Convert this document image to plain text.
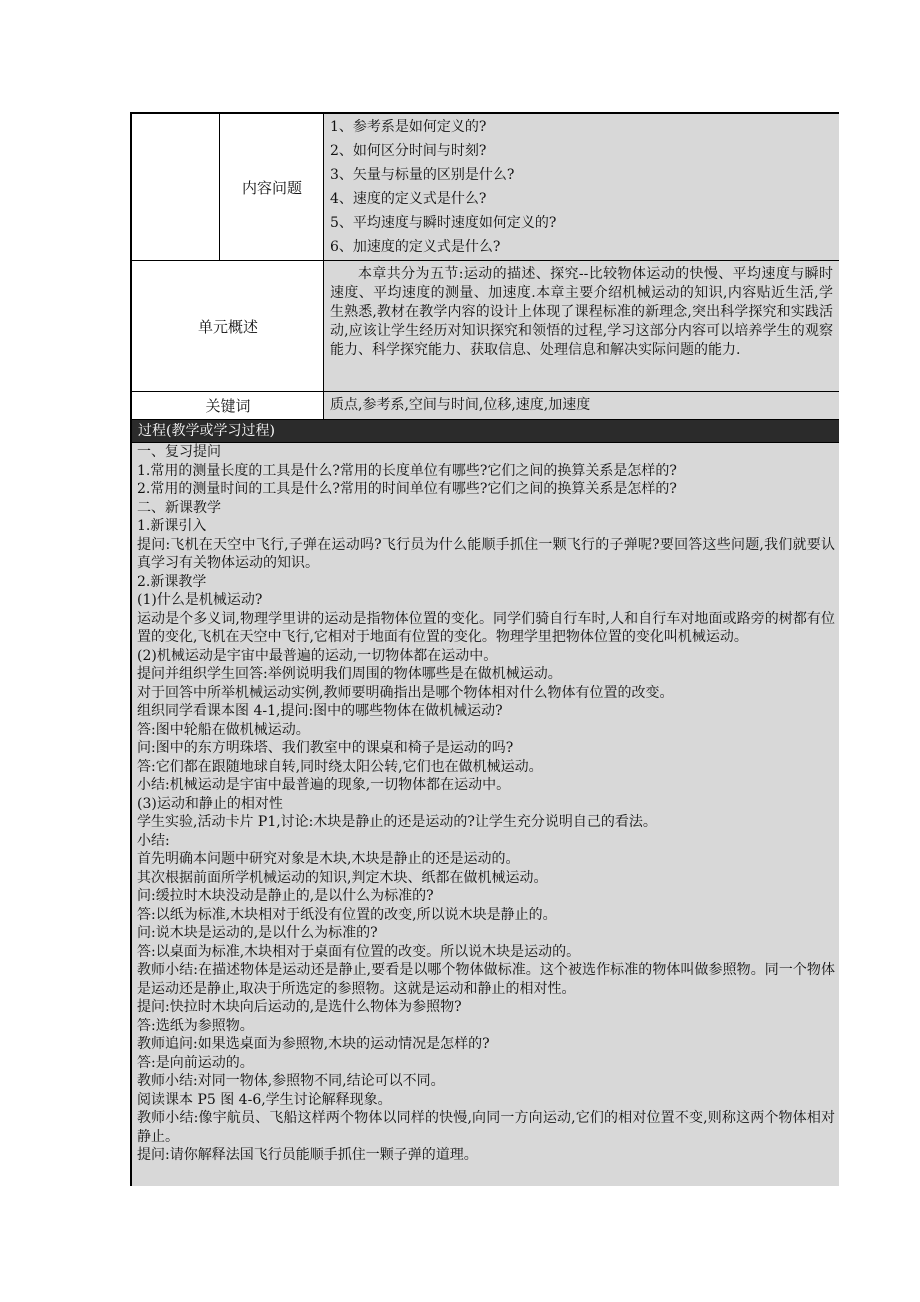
内容问题
1、参考系是如何定义的?
2、如何区分时间与时刻?
3、矢量与标量的区别是什么?
4、速度的定义式是什么?
5、平均速度与瞬时速度如何定义的?
6、加速度的定义式是什么?
单元概述
本章共分为五节:运动的描述、探究--比较物体运动的快慢、平均速度与瞬时速度、平均速度的测量、加速度.本章主要介绍机械运动的知识,内容贴近生活,学生熟悉,教材在教学内容的设计上体现了课程标准的新理念,突出科学探究和实践活动,应该让学生经历对知识探究和领悟的过程,学习这部分内容可以培养学生的观察能力、科学探究能力、获取信息、处理信息和解决实际问题的能力.
关键词	质点,参考系,空间与时间,位移,速度,加速度
过程(教学或学习过程)
一、复习提问
1.常用的测量长度的工具是什么?常用的长度单位有哪些?它们之间的换算关系是怎样的?
2.常用的测量时间的工具是什么?常用的时间单位有哪些?它们之间的换算关系是怎样的?
二、新课教学
1.新课引入
提问:飞机在天空中飞行,子弹在运动吗?飞行员为什么能顺手抓住一颗飞行的子弹呢?要回答这些问题,我们就要认真学习有关物体运动的知识。
2.新课教学
(1)什么是机械运动?
运动是个多义词,物理学里讲的运动是指物体位置的变化。同学们骑自行车时,人和自行车对地面或路旁的树都有位置的变化,飞机在天空中飞行,它相对于地面有位置的变化。物理学里把物体位置的变化叫机械运动。
(2)机械运动是宇宙中最普遍的运动,一切物体都在运动中。
提问并组织学生回答:举例说明我们周围的物体哪些是在做机械运动。
对于回答中所举机械运动实例,教师要明确指出是哪个物体相对什么物体有位置的改变。
组织同学看课本图 4-1,提问:图中的哪些物体在做机械运动?
答:图中轮船在做机械运动。
问:图中的东方明珠塔、我们教室中的课桌和椅子是运动的吗?
答:它们都在跟随地球自转,同时绕太阳公转,它们也在做机械运动。
小结:机械运动是宇宙中最普遍的现象,一切物体都在运动中。
(3)运动和静止的相对性
学生实验,活动卡片 P1,讨论:木块是静止的还是运动的?让学生充分说明自己的看法。
小结:
首先明确本问题中研究对象是木块,木块是静止的还是运动的。
其次根据前面所学机械运动的知识,判定木块、纸都在做机械运动。
问:缓拉时木块没动是静止的,是以什么为标准的?
答:以纸为标准,木块相对于纸没有位置的改变,所以说木块是静止的。
问:说木块是运动的,是以什么为标准的?
答:以桌面为标准,木块相对于桌面有位置的改变。所以说木块是运动的。
教师小结:在描述物体是运动还是静止,要看是以哪个物体做标准。这个被选作标准的物体叫做参照物。同一个物体是运动还是静止,取决于所选定的参照物。这就是运动和静止的相对性。
提问:快拉时木块向后运动的,是选什么物体为参照物?
答:选纸为参照物。
教师追问:如果选桌面为参照物,木块的运动情况是怎样的?
答:是向前运动的。
教师小结:对同一物体,参照物不同,结论可以不同。
阅读课本 P5 图 4-6,学生讨论解释现象。
教师小结:像宇航员、飞船这样两个物体以同样的快慢,向同一方向运动,它们的相对位置不变,则称这两个物体相对静止。
提问:请你解释法国飞行员能顺手抓住一颗子弹的道理。
